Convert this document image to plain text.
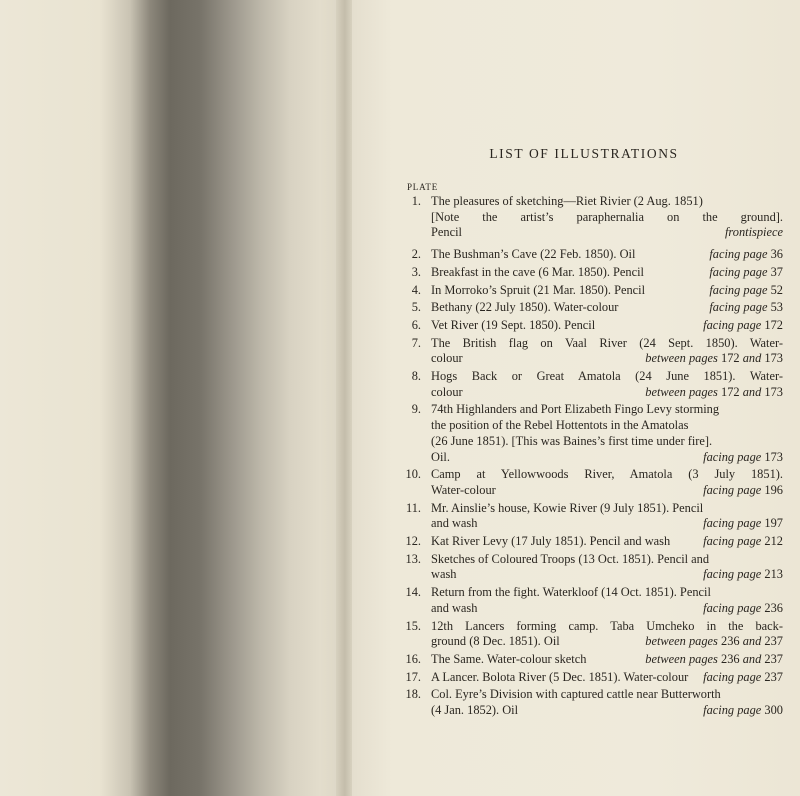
LIST OF ILLUSTRATIONS
PLATE
1. The pleasures of sketching—Riet Rivier (2 Aug. 1851)
[Note the artist’s paraphernalia on the ground].
Pencil	frontispiece
2. The Bushman’s Cave (22 Feb. 1850). Oil	facing page 36
3. Breakfast in the cave (6 Mar. 1850). Pencil	facing page 37
4. In Morroko’s Spruit (21 Mar. 1850). Pencil	facing page 52
5. Bethany (22 July 1850). Water-colour	facing page 53
6. Vet River (19 Sept. 1850). Pencil	facing page 172
7. The British flag on Vaal River (24 Sept. 1850). Water-
colour	between pages 172 and 173
8. Hogs Back or Great Amatola (24 June 1851). Water-
colour	between pages 172 and 173
9. 74th Highlanders and Port Elizabeth Fingo Levy storming
the position of the Rebel Hottentots in the Amatolas
(26 June 1851). [This was Baines’s first time under fire].
Oil.	facing page 173
10. Camp at Yellowwoods River, Amatola (3 July 1851).
Water-colour	facing page 196
11. Mr. Ainslie’s house, Kowie River (9 July 1851). Pencil
and wash	facing page 197
12. Kat River Levy (17 July 1851). Pencil and wash	facing page 212
13. Sketches of Coloured Troops (13 Oct. 1851). Pencil and
wash	facing page 213
14. Return from the fight. Waterkloof (14 Oct. 1851). Pencil
and wash	facing page 236
15. 12th Lancers forming camp. Taba Umcheko in the back-
ground (8 Dec. 1851). Oil	between pages 236 and 237
16. The Same. Water-colour sketch	between pages 236 and 237
17. A Lancer. Bolota River (5 Dec. 1851). Water-colour facing page 237
18. Col. Eyre’s Division with captured cattle near Butterworth
(4 Jan. 1852). Oil	facing page 300
